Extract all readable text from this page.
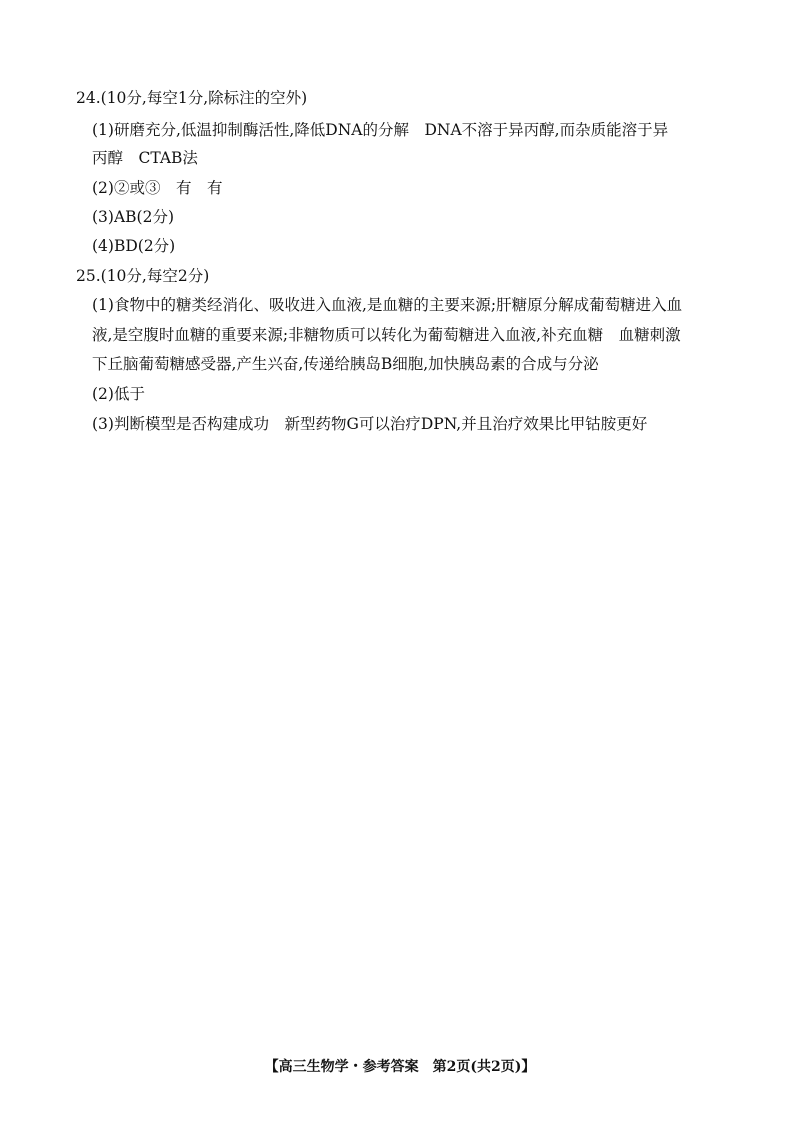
24.(10分,每空1分,除标注的空外)
(1)研磨充分,低温抑制酶活性,降低DNA的分解　DNA不溶于异丙醇,而杂质能溶于异
丙醇　CTAB法
(2)②或③　有　有
(3)AB(2分)
(4)BD(2分)
25.(10分,每空2分)
(1)食物中的糖类经消化、吸收进入血液,是血糖的主要来源;肝糖原分解成葡萄糖进入血
液,是空腹时血糖的重要来源;非糖物质可以转化为葡萄糖进入血液,补充血糖　血糖刺激
下丘脑葡萄糖感受器,产生兴奋,传递给胰岛B细胞,加快胰岛素的合成与分泌
(2)低于
(3)判断模型是否构建成功　新型药物G可以治疗DPN,并且治疗效果比甲钴胺更好
【高三生物学・参考答案　第2页(共2页)】
